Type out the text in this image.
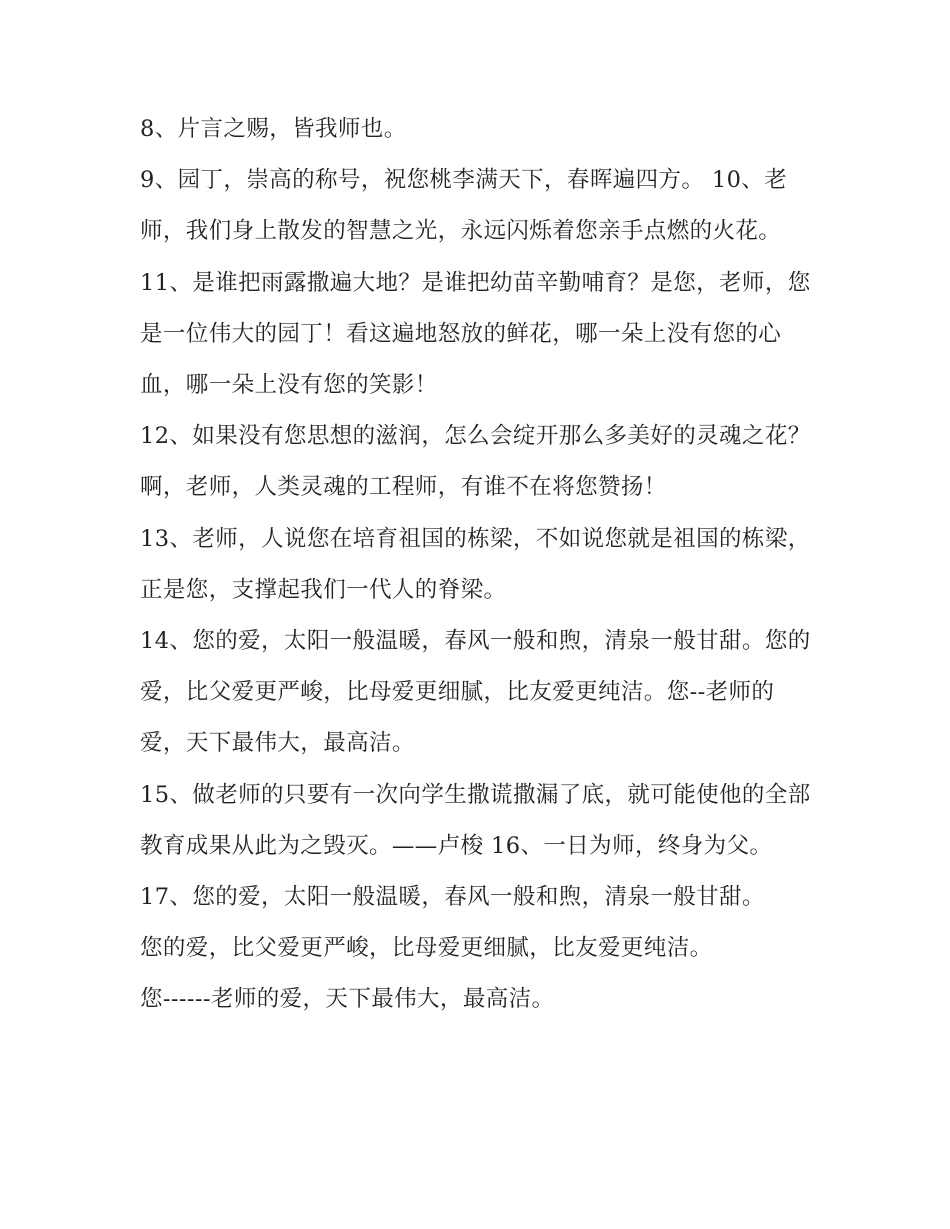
8、片言之赐，皆我师也。

9、园丁，崇高的称号，祝您桃李满天下，春晖遍四方。 10、老师，我们身上散发的智慧之光，永远闪烁着您亲手点燃的火花。

11、是谁把雨露撒遍大地？是谁把幼苗辛勤哺育？是您，老师，您是一位伟大的园丁！看这遍地怒放的鲜花，哪一朵上没有您的心血，哪一朵上没有您的笑影！

12、如果没有您思想的滋润，怎么会绽开那么多美好的灵魂之花？啊，老师，人类灵魂的工程师，有谁不在将您赞扬！

13、老师，人说您在培育祖国的栋梁，不如说您就是祖国的栋梁，正是您，支撑起我们一代人的脊梁。

14、您的爱，太阳一般温暖，春风一般和煦，清泉一般甘甜。您的爱，比父爱更严峻，比母爱更细腻，比友爱更纯洁。您--老师的爱，天下最伟大，最高洁。

15、做老师的只要有一次向学生撒谎撒漏了底，就可能使他的全部教育成果从此为之毁灭。——卢梭 16、一日为师，终身为父。

17、您的爱，太阳一般温暖，春风一般和煦，清泉一般甘甜。

您的爱，比父爱更严峻，比母爱更细腻，比友爱更纯洁。

您------老师的爱，天下最伟大，最高洁。
